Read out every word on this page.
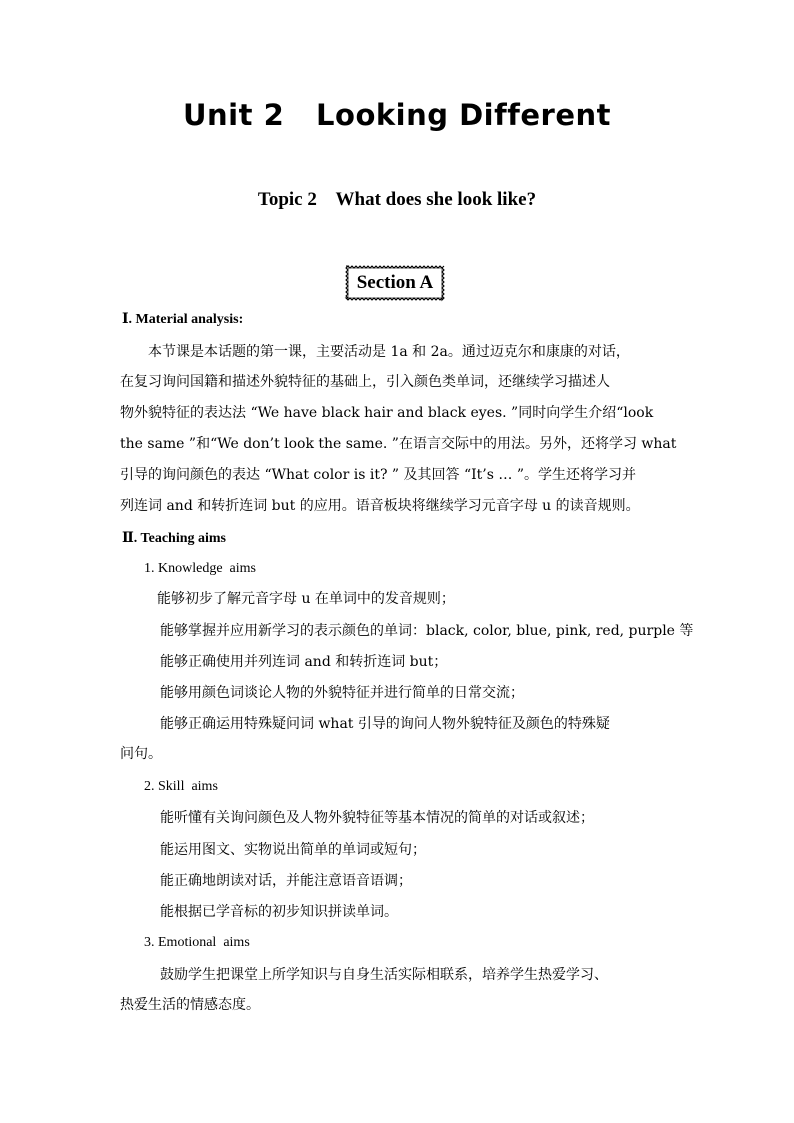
Unit 2   Looking Different
Topic 2    What does she look like?
Section A
Ⅰ. Material analysis:
本节课是本话题的第一课，主要活动是 1a 和 2a。通过迈克尔和康康的对话，
在复习询问国籍和描述外貌特征的基础上，引入颜色类单词，还继续学习描述人
物外貌特征的表达法 “We have black hair and black eyes. ”同时向学生介绍“look
the same ”和“We don’t look the same. ”在语言交际中的用法。另外，还将学习 what
引导的询问颜色的表达 “What color is it? ” 及其回答 “It’s … ”。学生还将学习并
列连词 and 和转折连词 but 的应用。语音板块将继续学习元音字母 u 的读音规则。
Ⅱ. Teaching aims
1. Knowledge  aims
能够初步了解元音字母 u 在单词中的发音规则；
能够掌握并应用新学习的表示颜色的单词：black, color, blue, pink, red, purple 等
能够正确使用并列连词 and 和转折连词 but；
能够用颜色词谈论人物的外貌特征并进行简单的日常交流；
能够正确运用特殊疑问词 what 引导的询问人物外貌特征及颜色的特殊疑
问句。
2. Skill  aims
能听懂有关询问颜色及人物外貌特征等基本情况的简单的对话或叙述；
能运用图文、实物说出简单的单词或短句；
能正确地朗读对话，并能注意语音语调；
能根据已学音标的初步知识拼读单词。
3. Emotional  aims
鼓励学生把课堂上所学知识与自身生活实际相联系，培养学生热爱学习、
热爱生活的情感态度。
